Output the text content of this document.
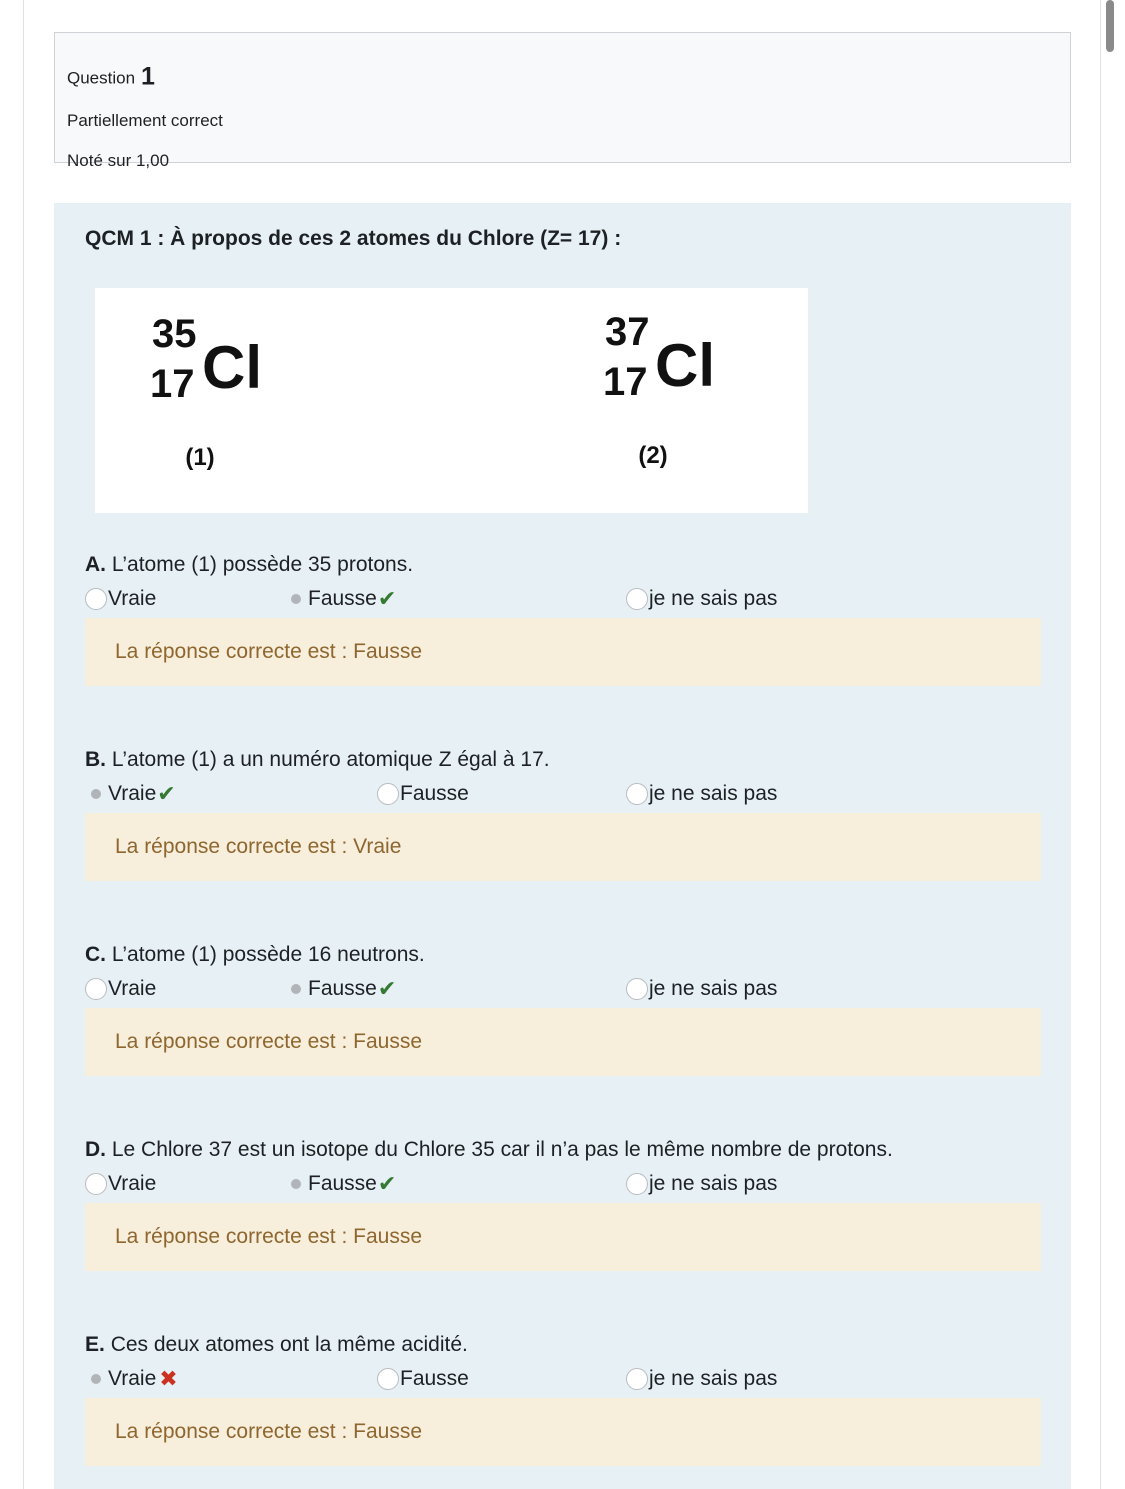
Question 1
Partiellement correct
Noté sur 1,00
QCM 1 : À propos de ces 2 atomes du Chlore (Z= 17) :
35
17 Cl
(1)
37
17 Cl
(2)
A. L’atome (1) possède 35 protons.
Vraie	Fausse ✔	je ne sais pas
La réponse correcte est : Fausse
B. L’atome (1) a un numéro atomique Z égal à 17.
Vraie ✔	Fausse	je ne sais pas
La réponse correcte est : Vraie
C. L’atome (1) possède 16 neutrons.
Vraie	Fausse ✔	je ne sais pas
La réponse correcte est : Fausse
D. Le Chlore 37 est un isotope du Chlore 35 car il n’a pas le même nombre de protons.
Vraie	Fausse ✔	je ne sais pas
La réponse correcte est : Fausse
E. Ces deux atomes ont la même acidité.
Vraie ✖	Fausse	je ne sais pas
La réponse correcte est : Fausse
